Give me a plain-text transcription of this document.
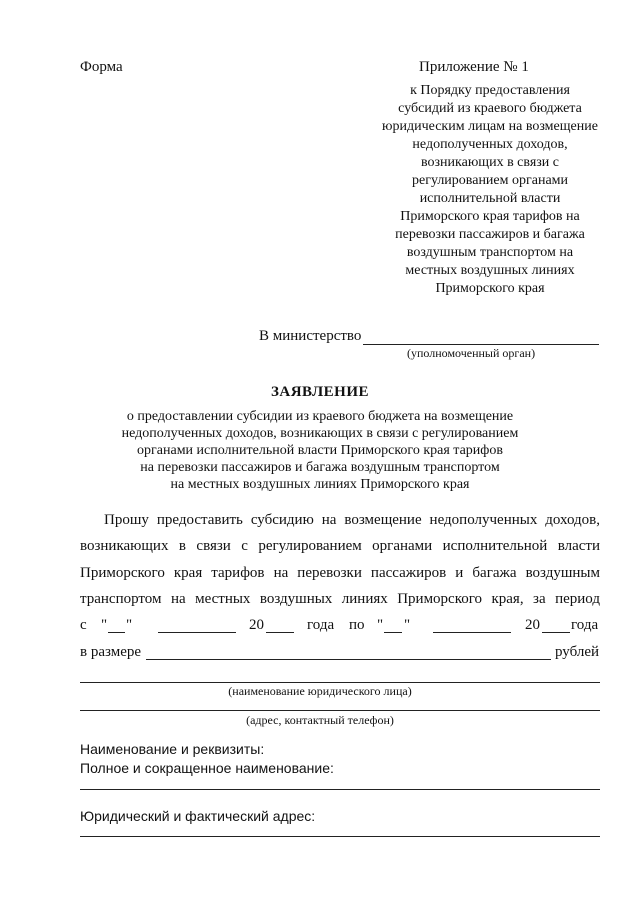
Форма	Приложение № 1
к Порядку предоставления
субсидий из краевого бюджета
юридическим лицам на возмещение
недополученных доходов,
возникающих в связи с
регулированием органами
исполнительной власти
Приморского края тарифов на
перевозки пассажиров и багажа
воздушным транспортом на
местных воздушных линиях
Приморского края
В министерство
(уполномоченный орган)
ЗАЯВЛЕНИЕ
о предоставлении субсидии из краевого бюджета на возмещение
недополученных доходов, возникающих в связи с регулированием
органами исполнительной власти Приморского края тарифов
на перевозки пассажиров и багажа воздушным транспортом
на местных воздушных линиях Приморского края
Прошу предоставить субсидию на возмещение недополученных доходов,
возникающих в связи с регулированием органами исполнительной власти
Приморского края тарифов на перевозки пассажиров и багажа воздушным
транспортом на местных воздушных линиях Приморского края, за период
с " "	20	года по " "	20 года
в размере	рублей
(наименование юридического лица)
(адрес, контактный телефон)
Наименование и реквизиты:
Полное и сокращенное наименование:
Юридический и фактический адрес:
